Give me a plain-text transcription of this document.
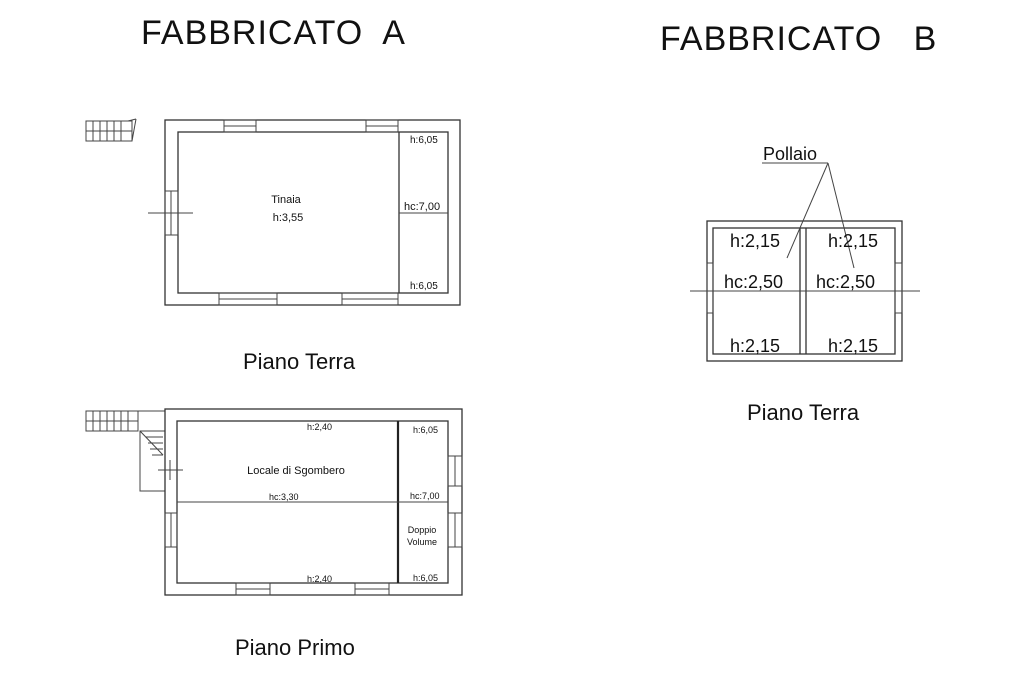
FABBRICATO  A	FABBRICATO   B
Piano Terra
Piano Primo
Piano Terra
Tinaia
h:3,55
h:6,05
hc:7,00
h:6,05
h:2,40
Locale di Sgombero
hc:3,30
h:2,40
h:6,05
hc:7,00
Doppio
Volume
h:6,05
Pollaio
h:2,15
hc:2,50
h:2,15
h:2,15
hc:2,50
h:2,15
